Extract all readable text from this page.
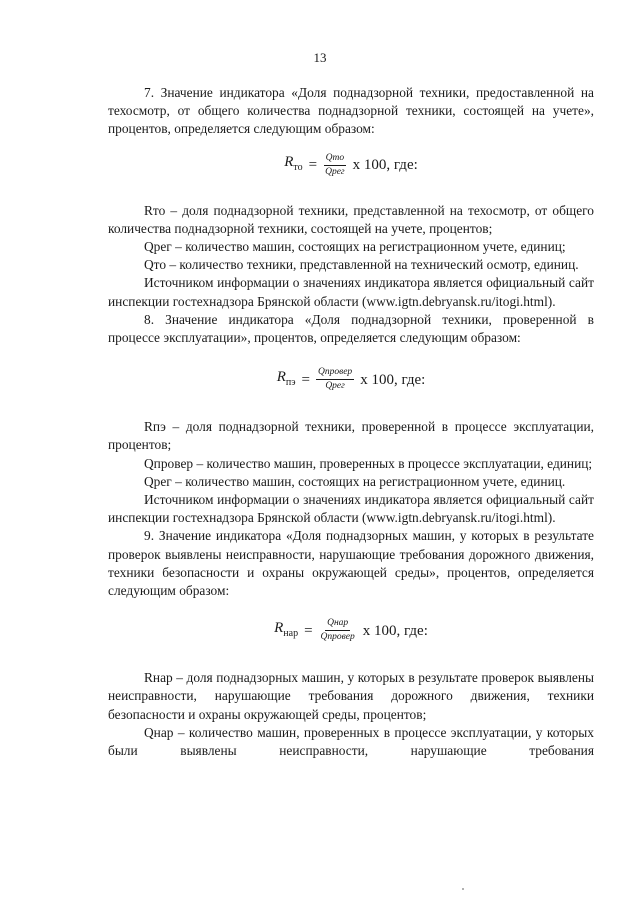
13

7. Значение индикатора «Доля поднадзорной техники, предоставленной на техосмотр, от общего количества поднадзорной техники, состоящей на учете», процентов, определяется следующим образом:

$R_{то} = \frac{\text{Qто}}{\text{Qрег}}$ x 100, где:

Rто – доля поднадзорной техники, представленной на техосмотр, от общего количества поднадзорной техники, состоящей на учете, процентов;

Qрег – количество машин, состоящих на регистрационном учете, единиц;

Qто – количество техники, представленной на технический осмотр, единиц.

Источником информации о значениях индикатора является официальный сайт инспекции гостехнадзора Брянской области (www.igtn.debryansk.ru/itogi.html).

8. Значение индикатора «Доля поднадзорной техники, проверенной в процессе эксплуатации», процентов, определяется следующим образом:

$R_{пэ} = \frac{\text{Qпровер}}{\text{Qрег}}$ x 100, где:

Rпэ – доля поднадзорной техники, проверенной в процессе эксплуатации, процентов;

Qпровер – количество машин, проверенных в процессе эксплуатации, единиц;

Qрег – количество машин, состоящих на регистрационном учете, единиц.

Источником информации о значениях индикатора является официальный сайт инспекции гостехнадзора Брянской области (www.igtn.debryansk.ru/itogi.html).

9. Значение индикатора «Доля поднадзорных машин, у которых в результате проверок выявлены неисправности, нарушающие требования дорожного движения, техники безопасности и охраны окружающей среды», процентов, определяется следующим образом:

$R_{нар} = \frac{\text{Qнар}}{\text{Qпровер}}$ x 100, где:

Rнар – доля поднадзорных машин, у которых в результате проверок выявлены неисправности, нарушающие требования дорожного движения, техники безопасности и охраны окружающей среды, процентов;

Qнар – количество машин, проверенных в процессе эксплуатации, у которых были выявлены неисправности, нарушающие требования
